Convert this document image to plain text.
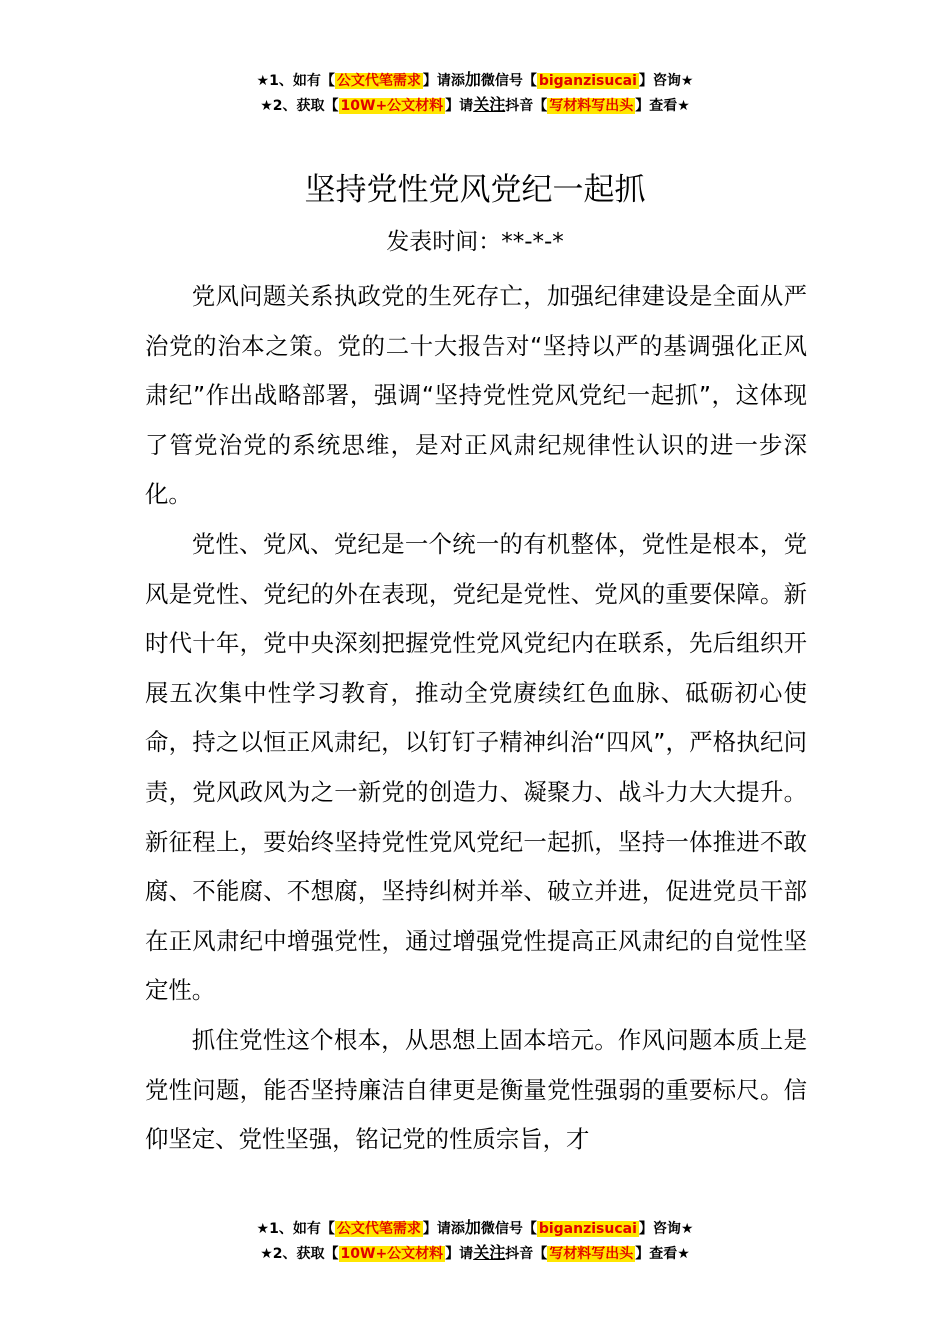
★1、如有【 公文代笔需求 】请添加微信号【 biganzisucai 】咨询★
★2、获取【 10W+公文材料 】请关注抖音【 写材料写出头 】查看★
坚持党性党风党纪一起抓
发表时间：**-*-*

党风问题关系执政党的生死存亡，加强纪律建设是全面从严治党的治本之策。党的二十大报告对“坚持以严的基调强化正风肃纪”作出战略部署，强调“坚持党性党风党纪一起抓”，这体现了管党治党的系统思维，是对正风肃纪规律性认识的进一步深化。

党性、党风、党纪是一个统一的有机整体，党性是根本，党风是党性、党纪的外在表现，党纪是党性、党风的重要保障。新时代十年，党中央深刻把握党性党风党纪内在联系，先后组织开展五次集中性学习教育，推动全党赓续红色血脉、砥砺初心使命，持之以恒正风肃纪，以钉钉子精神纠治“四风”，严格执纪问责，党风政风为之一新党的创造力、凝聚力、战斗力大大提升。新征程上，要始终坚持党性党风党纪一起抓，坚持一体推进不敢腐、不能腐、不想腐，坚持纠树并举、破立并进，促进党员干部在正风肃纪中增强党性，通过增强党性提高正风肃纪的自觉性坚定性。

抓住党性这个根本，从思想上固本培元。作风问题本质上是党性问题，能否坚持廉洁自律更是衡量党性强弱的重要标尺。信仰坚定、党性坚强，铭记党的性质宗旨，才

★1、如有【 公文代笔需求 】请添加微信号【 biganzisucai 】咨询★
★2、获取【 10W+公文材料 】请关注抖音【 写材料写出头 】查看★
